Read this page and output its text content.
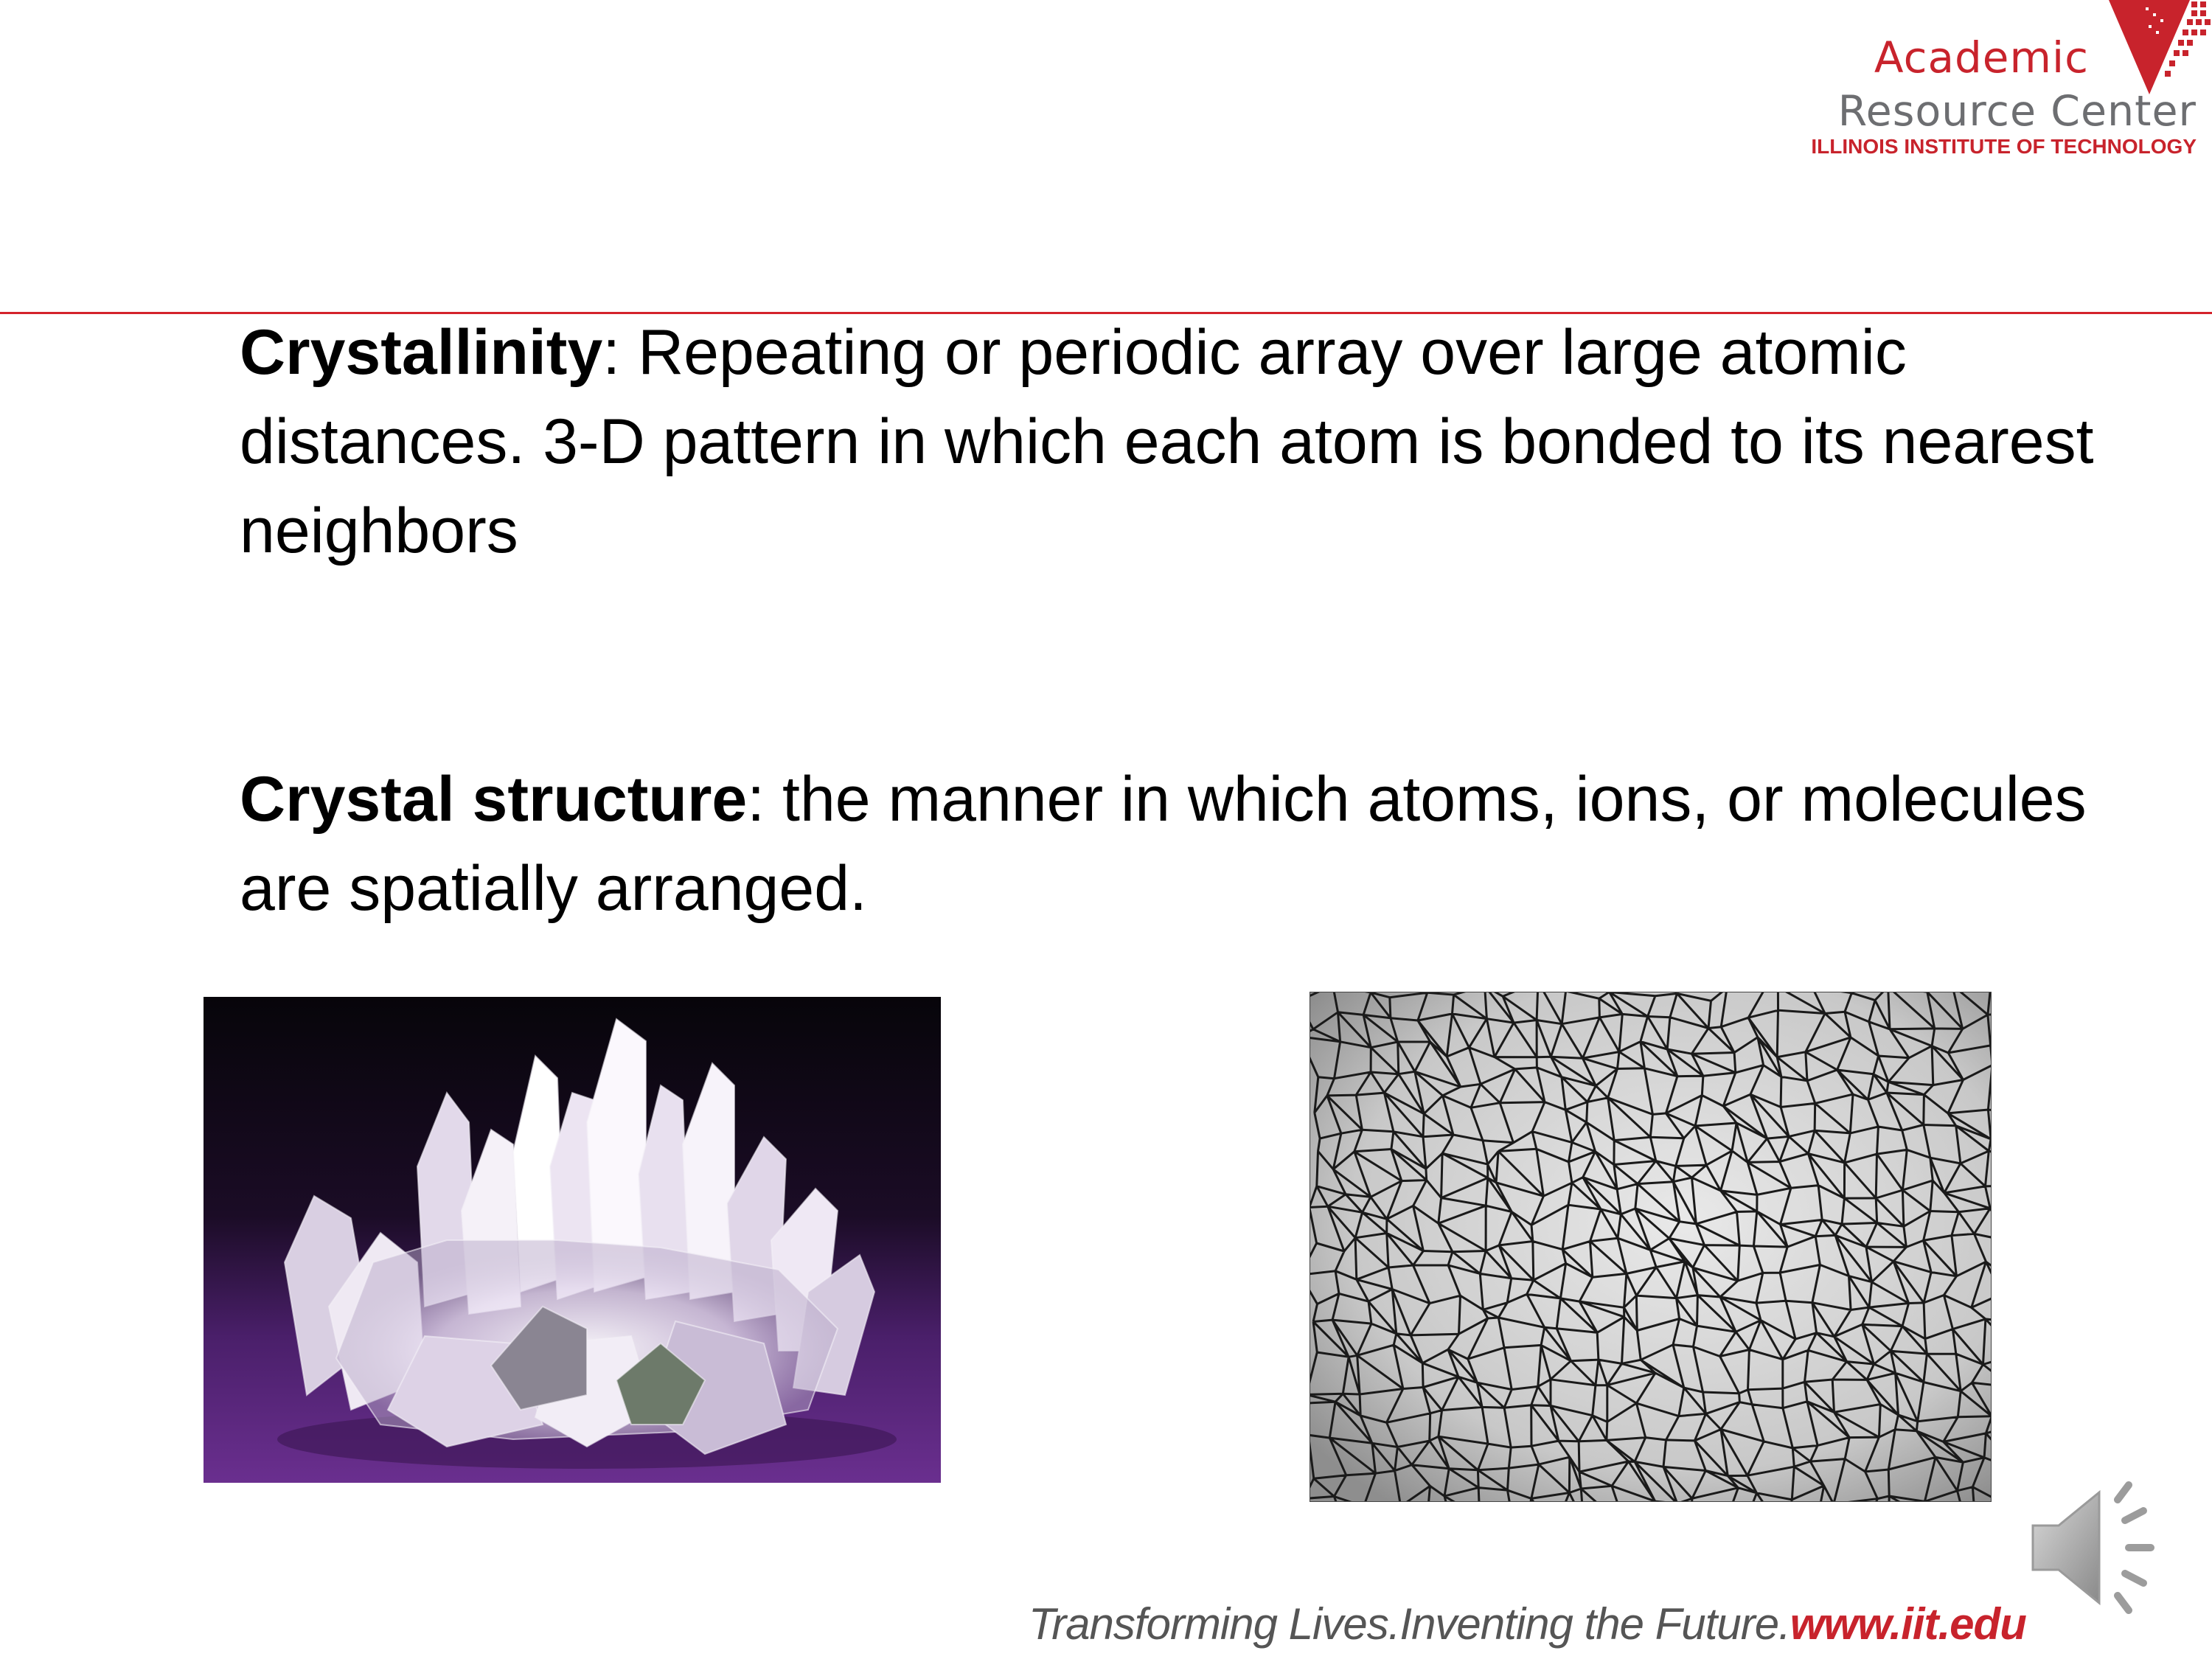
Academic
Resource Center
ILLINOIS INSTITUTE OF TECHNOLOGY
Crystallinity: Repeating or periodic array over large atomic distances. 3-D pattern in which each atom is bonded to its nearest neighbors
Crystal structure: the manner in which atoms, ions, or molecules are spatially arranged.
Transforming Lives.Inventing the Future.www.iit.edu
